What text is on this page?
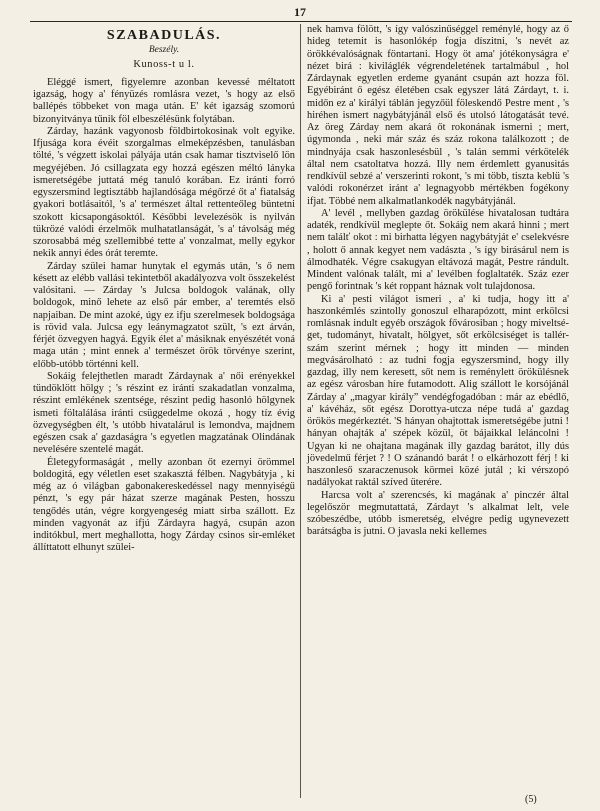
17
SZABADULÁS.
Beszély.
Kunoss-t u l.

Eléggé ismert, figyelemre azonban kevessé méltatott igazság, hogy a' fényüzés romlásra vezet, 's hogy az első ballépés többeket von maga után. E' két igazság szomorú bizonyitványa tűnik föl elbeszélésünk folytában.

Zárday, hazánk vagyonosb földbirtokosinak volt egyike. Ifjusága kora évéit szorgalmas elmeképzésben, tanulásban tölté, 's végzett iskolai pályája után csak hamar tisztviselő lön megyéjében. Jó csillagzata egy hozzá egészen méltó lánykа ismeretségébe juttatá még tanuló korában. Ez iránti forró egyszersmind legtisztább hajlandósága mégőrzé őt a' fiatalság gyakori botlásaitól, 's a' természet által rettenteőleg büntetni szokott kicsapongásoktól. Későbbi levelezésök is nyilván tükrözé valódi érzelmök mulhatatlanságát, 's a' távolság még szorosabbá még szellemibbé tette a' vonzalmat, melly egykor nekik annyi édes órát teremte.

Zárday szülei hamar hunytak el egymás után, 's ő nem késett az elébb vallási tekintetből akadályozva volt összekelést valósitani. — Zárday 's Julcsa boldogok valának, olly boldogok, minő lehete az első pár ember, a' teremtés első napjaiban. De mint azoké, úgy ez ifju szerelmesek boldogsága is rövid vala. Julcsa egy leánymagzatot szült, 's ezt árván, férjét özvegyen hagyá. Egyik élet a' másiknak enyészétét voná maga után ; mint ennek a' természet örök törvénye szerint, előbb-utóbb történni kell.

Sokáig felejthetlen maradt Zárdaynak a' női erényekkel tündöklött hölgy ; 's részint ez iránti szakadatlan vonzalma, részint emlékének szentsége, részint pedig hasonló hölgynek ismeti föltalálása iránti csüggedelme okozá , hogy tíz évig özvegységben élt, 's utóbb hivatalárul is lemondva, majdnem egészen csak a' gazdaságra 's egyetlen magzatának Olindának nevelésére szentelé magát.

Életegyformaságát , melly azonban őt ezernyi örömmel boldogitá, egy véletlen eset szakasztá félben. Nagybátyja , ki még az ó világban gabonakereskedéssel nagy mennyiségü pénzt, 's egy pár házat szerze magának Pesten, hosszu tengődés után, végre korgyengeség miatt sirba szállott. Ez minden vagyonát az ifjú Zárdayra hagyá, csupán azon inditókbul, mert meghallotta, hogy Zárday csinos sir-emléket állíttatott elhunyt szülei-

nek hamva fölött, 's így valószinűséggel reménylé, hogy az ő hideg tetemit is hasonlókép fogja díszitni, 's nevét az örökkévalóságnak föntartani. Hogy öt ama' jótékonyságra e' nézet birá : kiviláglék végrendeletének tartalmábul , hol Zárdaynak egyetlen erdeme gyanánt csupán azt hozza föl. Egyébiránt ő egész életében csak egyszer látá Zárdayt, t. i. midőn ez a' királyi táblán jegyzőül föleskendő Pestre ment , 's hiréhen ismert nagybátyjánál első és utolsó látogatását tevé. Az öreg Zárday nem akará őt rokоnának ismerni ; mert, úgymonda , neki már száz és száz rokona találkozott ; de mindnyája csak haszonlesésbül , 's talán semmi vérkötelék által nem csatoltatva hozzá. Illy nem érdemlett gyanusitás rendkívül sebzé a' verszerinti rokont, 's mi több, tiszta keblü 's valódi rokonérzet iránt a' legnagyobb mértékben fogékony ifjat. Többé nem alkalmatlankodék nagybátyjánál.

A' levél , mellyben gazdag örökülése hivatalosan tudtára adaték, rendkívül meglepte őt. Sokáig nem akará hinni ; mert nem találť okot : mi birhatta légyen nagybátyját e' cselekvésre , holott ő annak kegyet nem vadászta , 's így birásárul nem is álmodhaték. Végre csakugyan eltávozá magát, Pestre rándult. Mindent valónak talált, mi a' levélben foglaltaték. Száz ezer pengő forintnak 's két roppant háznak volt tulajdonosa.

Ki a' pesti világot ismeri , a' ki tudja, hogy itt a' haszonkémlés szintolly gonoszul elharapózott, mint erkölcsi romlásnak indult egyéb országok fővárosiban ; hogy miveltséget, tudományt, hivatalt, hölgyet, sőt erkölcsiséget is tallér-szám szerint mérnek ; hogy itt minden — minden megvásárolható : az tudni fogja egyszersmind, hogy illy gazdag, illy nem keresett, sőt nem is reménylett örökülésnek az egész városban híre futamodott. Alig szállott le korsójánál Zárday a' „magyar király” vendégfogadóban : már az ebédlő, a' kávéház, sőt egész Dorottya-utcza népe tudá a' gazdag örökös megérkeztét. 'S hányan ohajtottak ismeretségébe jutni ! hányan ohajták a' szépek közül, öt bájaikkal leláncolni ! Ugyan ki ne ohajtana magának illy gazdag barátot, illy dús jövedelmű férjet ? ! O szánandó barát ! o elkárhozott férj ! ki haszonleső szaraczenusok körmei közé jutál ; ki vérszopó nadályokat raktál szíved üterére.

Harcsa volt a' szerencsés, ki magának a' pinczér által legelőször megmutattatá, Zárdayt 's alkalmat lelt, vele szóbeszédbe, utóbb ismeretség, elvégre pedig ugynevezett barátságba is jutni. O javasla neki kellemes

(5)
